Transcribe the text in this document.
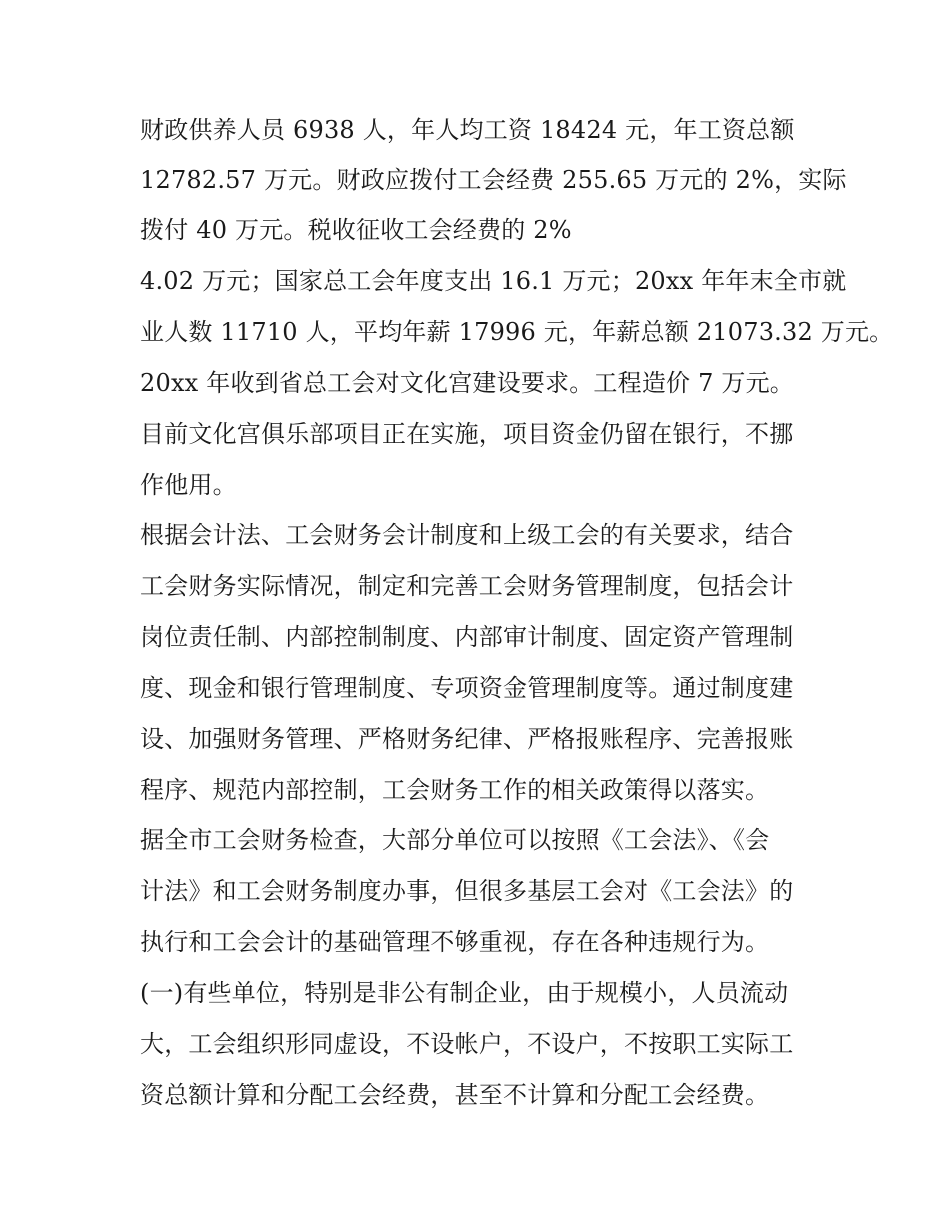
财政供养人员 6938 人，年人均工资 18424 元，年工资总额
12782.57 万元。财政应拨付工会经费 255.65 万元的 2%，实际
拨付 40 万元。税收征收工会经费的 2%
4.02 万元；国家总工会年度支出 16.1 万元；20xx 年年末全市就
业人数 11710 人，平均年薪 17996 元，年薪总额 21073.32 万元。
20xx 年收到省总工会对文化宫建设要求。工程造价 7 万元。
目前文化宫俱乐部项目正在实施，项目资金仍留在银行，不挪
作他用。
根据会计法、工会财务会计制度和上级工会的有关要求，结合
工会财务实际情况，制定和完善工会财务管理制度，包括会计
岗位责任制、内部控制制度、内部审计制度、固定资产管理制
度、现金和银行管理制度、专项资金管理制度等。通过制度建
设、加强财务管理、严格财务纪律、严格报账程序、完善报账
程序、规范内部控制，工会财务工作的相关政策得以落实。
据全市工会财务检查，大部分单位可以按照《工会法》、《会
计法》和工会财务制度办事，但很多基层工会对《工会法》的
执行和工会会计的基础管理不够重视，存在各种违规行为。
(一)有些单位，特别是非公有制企业，由于规模小，人员流动
大，工会组织形同虚设，不设帐户，不设户，不按职工实际工
资总额计算和分配工会经费，甚至不计算和分配工会经费。
